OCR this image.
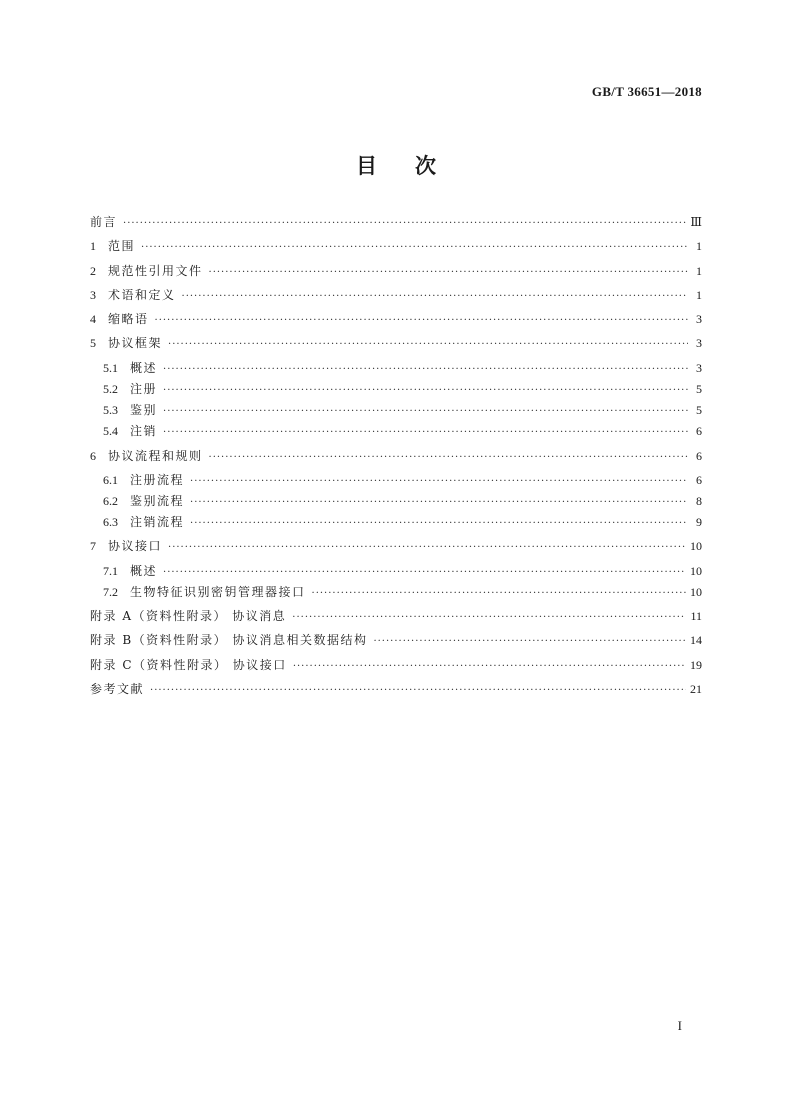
GB/T 36651—2018
目次
前言 ·····	Ⅲ
1 范围 ·····	1
2 规范性引用文件 ·····	1
3 术语和定义 ·····	1
4 缩略语 ·····	3
5 协议框架 ·····	3
5.1 概述 ·····	3
5.2 注册 ·····	5
5.3 鉴别 ·····	5
5.4 注销 ·····	6
6 协议流程和规则 ·····	6
6.1 注册流程 ·····	6
6.2 鉴别流程 ·····	8
6.3 注销流程 ·····	9
7 协议接口 ·····	10
7.1 概述 ·····	10
7.2 生物特征识别密钥管理器接口 ·····	10
附录 A（资料性附录） 协议消息 ·····	11
附录 B（资料性附录） 协议消息相关数据结构 ·····	14
附录 C（资料性附录） 协议接口 ·····	19
参考文献 ·····	21
I
